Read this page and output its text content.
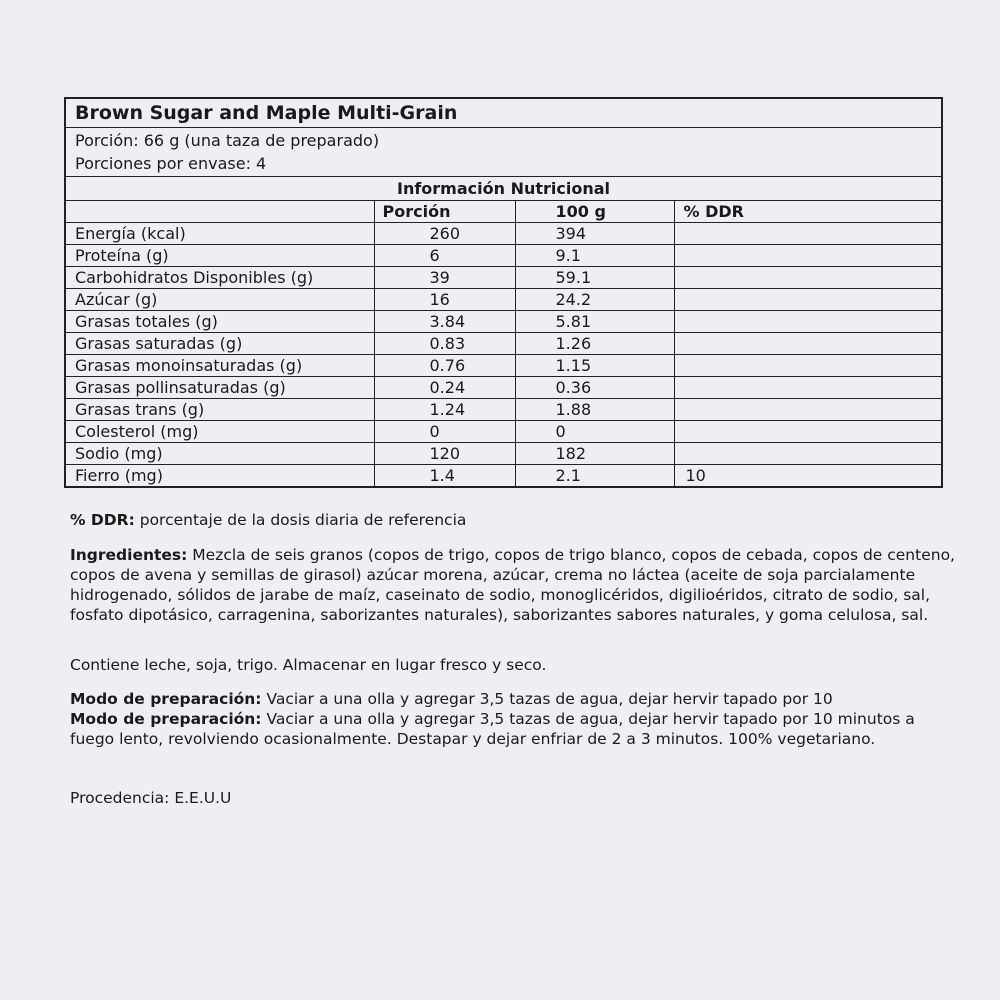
Brown Sugar and Maple Multi-Grain
Porción: 66 g (una taza de preparado)
Porciones por envase: 4
Información Nutricional
	Porción	100 g	% DDR
Energía (kcal)	260	394	
Proteína (g)	6	9.1	
Carbohidratos Disponibles (g)	39	59.1	
Azúcar (g)	16	24.2	
Grasas totales (g)	3.84	5.81	
Grasas saturadas (g)	0.83	1.26	
Grasas monoinsaturadas (g)	0.76	1.15	
Grasas pollinsaturadas (g)	0.24	0.36	
Grasas trans (g)	1.24	1.88	
Colesterol (mg)	0	0	
Sodio (mg)	120	182	
Fierro (mg)	1.4	2.1	10
% DDR: porcentaje de la dosis diaria de referencia
Ingredientes: Mezcla de seis granos (copos de trigo, copos de trigo blanco, copos de cebada, copos de centeno, copos de avena y semillas de girasol) azúcar morena, azúcar, crema no láctea (aceite de soja parcialamente hidrogenado, sólidos de jarabe de maíz, caseinato de sodio, monoglicéridos, digilioéridos, citrato de sodio, sal, fosfato dipotásico, carragenina, saborizantes naturales), saborizantes sabores naturales, y goma celulosa, sal.
Contiene leche, soja, trigo. Almacenar en lugar fresco y seco.
Modo de preparación: Vaciar a una olla y agregar 3,5 tazas de agua, dejar hervir tapado por 10
Modo de preparación: Vaciar a una olla y agregar 3,5 tazas de agua, dejar hervir tapado por 10 minutos a fuego lento, revolviendo ocasionalmente. Destapar y dejar enfriar de 2 a 3 minutos. 100% vegetariano.
Procedencia: E.E.U.U
